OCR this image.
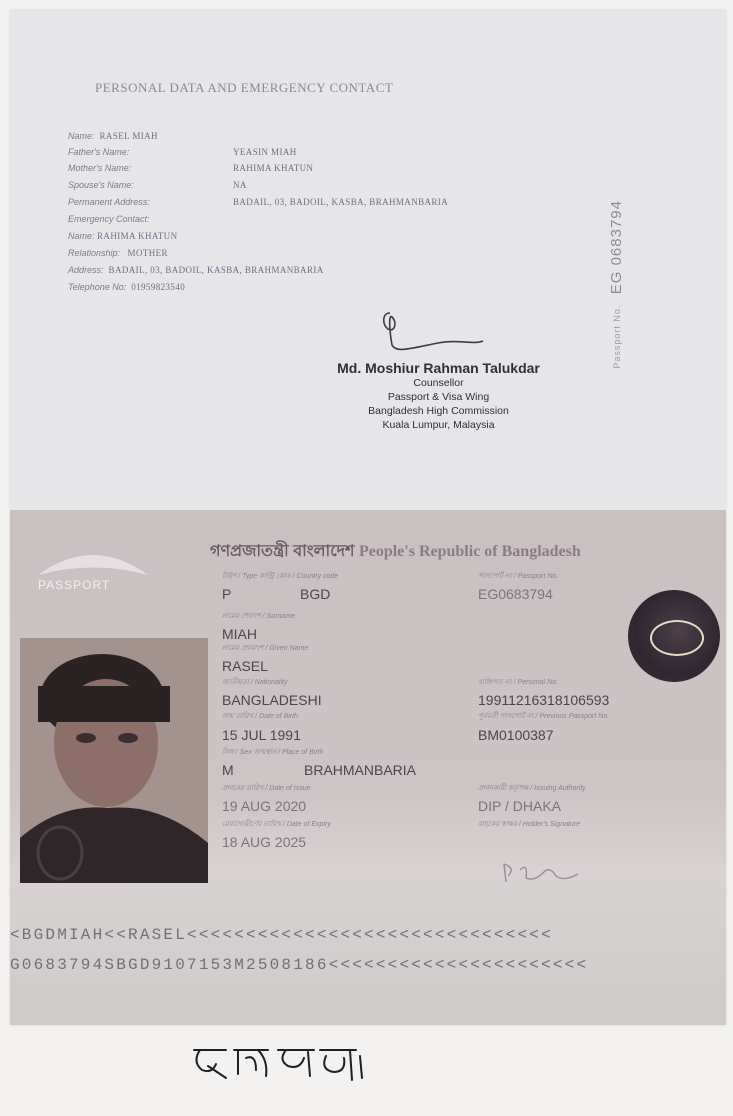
PERSONAL DATA AND EMERGENCY CONTACT
Name: RASEL MIAH
Father's Name:	YEASIN MIAH
Mother's Name:	RAHIMA KHATUN
Spouse's Name:	NA
Permanent Address:	BADAIL, 03, BADOIL, KASBA, BRAHMANBARIA
Emergency Contact:
Name: RAHIMA KHATUN
Relationship: MOTHER
Address: BADAIL, 03, BADOIL, KASBA, BRAHMANBARIA
Telephone No: 01959823540
Passport No.  EG 0683794
Md. Moshiur Rahman Talukdar
Counsellor
Passport & Visa Wing
Bangladesh High Commission
Kuala Lumpur, Malaysia
PASSPORT
গণপ্রজাতন্ত্রী বাংলাদেশ People's Republic of Bangladesh
টাইপ / Type কান্ট্রি কোড / Country code
P	BGD
নামের শেষাংশ / Surname
MIAH
নামের প্রথমাংশ / Given Name
RASEL
জাতীয়তা / Nationality
BANGLADESHI
জন্ম তারিখ / Date of Birth
15 JUL 1991
লিঙ্গ / Sex জন্মস্থান / Place of Birth
M	BRAHMANBARIA
প্রদানের তারিখ / Date of Issue
19 AUG 2020
মেয়াদোত্তীর্ণের তারিখ / Date of Expiry
18 AUG 2025
পাসপোর্ট নং / Passport No.
EG0683794
ব্যক্তিগত নং / Personal No.
19911216318106593
পূর্ববর্তী পাসপোর্ট নং / Previous Passport No.
BM0100387
প্রদানকারী কর্তৃপক্ষ / Issuing Authority
DIP / DHAKA
বাহকের স্বাক্ষর / Holder's Signature
<BGDMIAH<<RASEL<<<<<<<<<<<<<<<<<<<<<<<<<<<<<<<
G0683794SBGD9107153M2508186<<<<<<<<<<<<<<<<<<<<<<
